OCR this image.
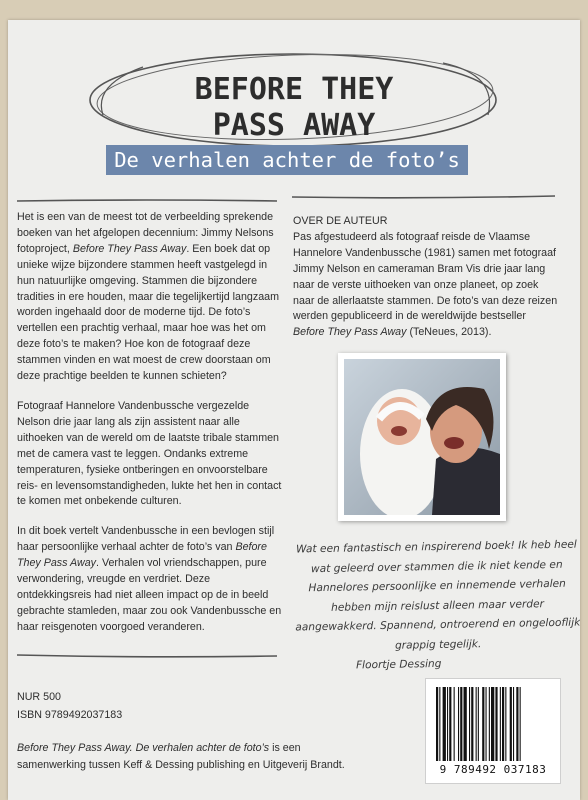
BEFORE THEY
PASS AWAY
De verhalen achter de foto’s

Het is een van de meest tot de verbeelding sprekende boeken van het afgelopen decennium: Jimmy Nelsons fotoproject, Before They Pass Away. Een boek dat op unieke wijze bijzondere stammen heeft vastgelegd in hun natuurlijke omgeving. Stammen die bijzondere tradities in ere houden, maar die tegelijkertijd langzaam worden ingehaald door de moderne tijd. De foto’s vertellen een prachtig verhaal, maar hoe was het om deze foto’s te maken? Hoe kon de fotograaf deze stammen vinden en wat moest de crew doorstaan om deze prachtige beelden te kunnen schieten?

Fotograaf Hannelore Vandenbussche vergezelde Nelson drie jaar lang als zijn assistent naar alle uithoeken van de wereld om de laatste tribale stammen met de camera vast te leggen. Ondanks extreme temperaturen, fysieke ontberingen en onvoorstelbare reis- en levensomstandigheden, lukte het hen in contact te komen met onbekende culturen.

In dit boek vertelt Vandenbussche in een bevlogen stijl haar persoonlijke verhaal achter de foto’s van Before They Pass Away. Verhalen vol vriendschappen, pure verwondering, vreugde en verdriet. Deze ontdekkingsreis had niet alleen impact op de in beeld gebrachte stamleden, maar zou ook Vandenbussche en haar reisgenoten voorgoed veranderen.

OVER DE AUTEUR

Pas afgestudeerd als fotograaf reisde de Vlaamse Hannelore Vandenbussche (1981) samen met fotograaf Jimmy Nelson en cameraman Bram Vis drie jaar lang naar de verste uithoeken van onze planeet, op zoek naar de allerlaatste stammen. De foto’s van deze reizen werden gepubliceerd in de wereldwijde bestseller Before They Pass Away (TeNeues, 2013).

Wat een fantastisch en inspirerend boek! Ik heb heel wat geleerd over stammen die ik niet kende en Hannelores persoonlijke en innemende verhalen hebben mijn reislust alleen maar verder aangewakkerd. Spannend, ontroerend en ongelooflijk grappig tegelijk.
Floortje Dessing
NUR 500
ISBN 9789492037183
Before They Pass Away. De verhalen achter de foto’s is een samenwerking tussen Keff & Dessing publishing en Uitgeverij Brandt.	9 789492 037183
